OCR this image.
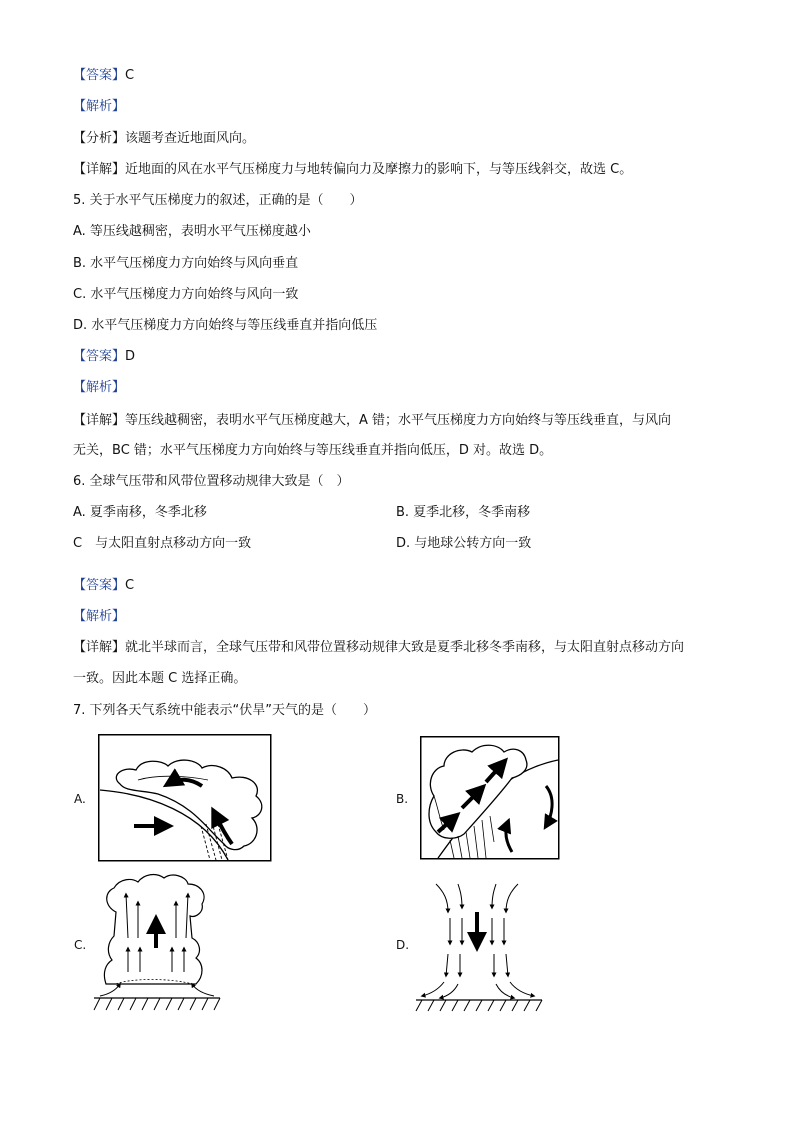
【答案】C
【解析】
【分析】该题考查近地面风向。
【详解】近地面的风在水平气压梯度力与地转偏向力及摩擦力的影响下，与等压线斜交，故选 C。
5. 关于水平气压梯度力的叙述，正确的是（　　）
A. 等压线越稠密，表明水平气压梯度越小
B. 水平气压梯度力方向始终与风向垂直
C. 水平气压梯度力方向始终与风向一致
D. 水平气压梯度力方向始终与等压线垂直并指向低压
【答案】D
【解析】
【详解】等压线越稠密，表明水平气压梯度越大，A 错；水平气压梯度力方向始终与等压线垂直，与风向
无关，BC 错；水平气压梯度力方向始终与等压线垂直并指向低压，D 对。故选 D。
6. 全球气压带和风带位置移动规律大致是（　）
A. 夏季南移，冬季北移	B. 夏季北移，冬季南移
C　与太阳直射点移动方向一致	D. 与地球公转方向一致
【答案】C
【解析】
【详解】就北半球而言，全球气压带和风带位置移动规律大致是夏季北移冬季南移，与太阳直射点移动方向
一致。因此本题 C 选择正确。
7. 下列各天气系统中能表示“伏旱”天气的是（　　）
A.	B.
C.	D.
